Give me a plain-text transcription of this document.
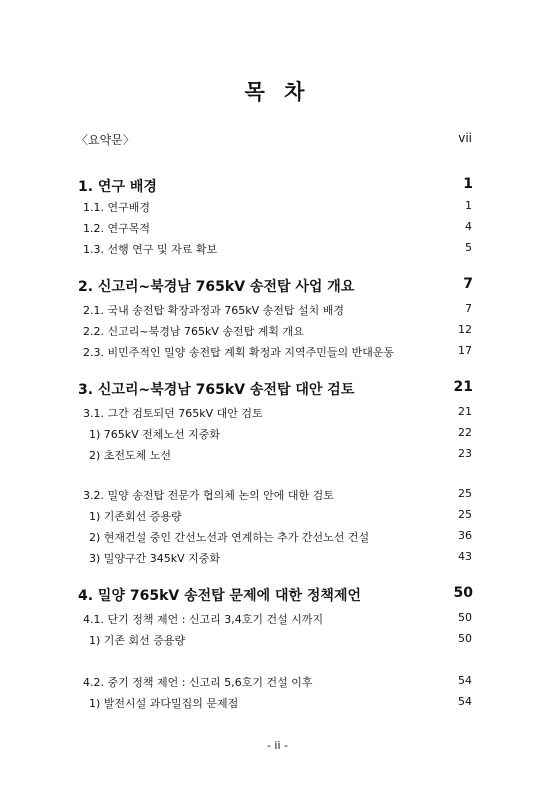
목 차
〈요약문〉	vii
1. 연구 배경	1
1.1. 연구배경	1
1.2. 연구목적	4
1.3. 선행 연구 및 자료 확보	5
2. 신고리~북경남 765kV 송전탑 사업 개요	7
2.1. 국내 송전탑 확장과정과 765kV 송전탑 설치 배경	7
2.2. 신고리~북경남 765kV 송전탑 계획 개요	12
2.3. 비민주적인 밀양 송전탑 계획 확정과 지역주민들의 반대운동	17
3. 신고리~북경남 765kV 송전탑 대안 검토	21
3.1. 그간 검토되던 765kV 대안 검토	21
1) 765kV 전체노선 지중화	22
2) 초전도체 노선	23
3.2. 밀양 송전탑 전문가 협의체 논의 안에 대한 검토	25
1) 기존회선 증용량	25
2) 현재건설 중인 간선노선과 연계하는 추가 간선노선 건설	36
3) 밀양구간 345kV 지중화	43
4. 밀양 765kV 송전탑 문제에 대한 정책제언	50
4.1. 단기 정책 제언 : 신고리 3,4호기 건설 시까지	50
1) 기존 회선 증용량	50
4.2. 중기 정책 제언 : 신고리 5,6호기 건설 이후	54
1) 발전시설 과다밀집의 문제점	54
- ii -
